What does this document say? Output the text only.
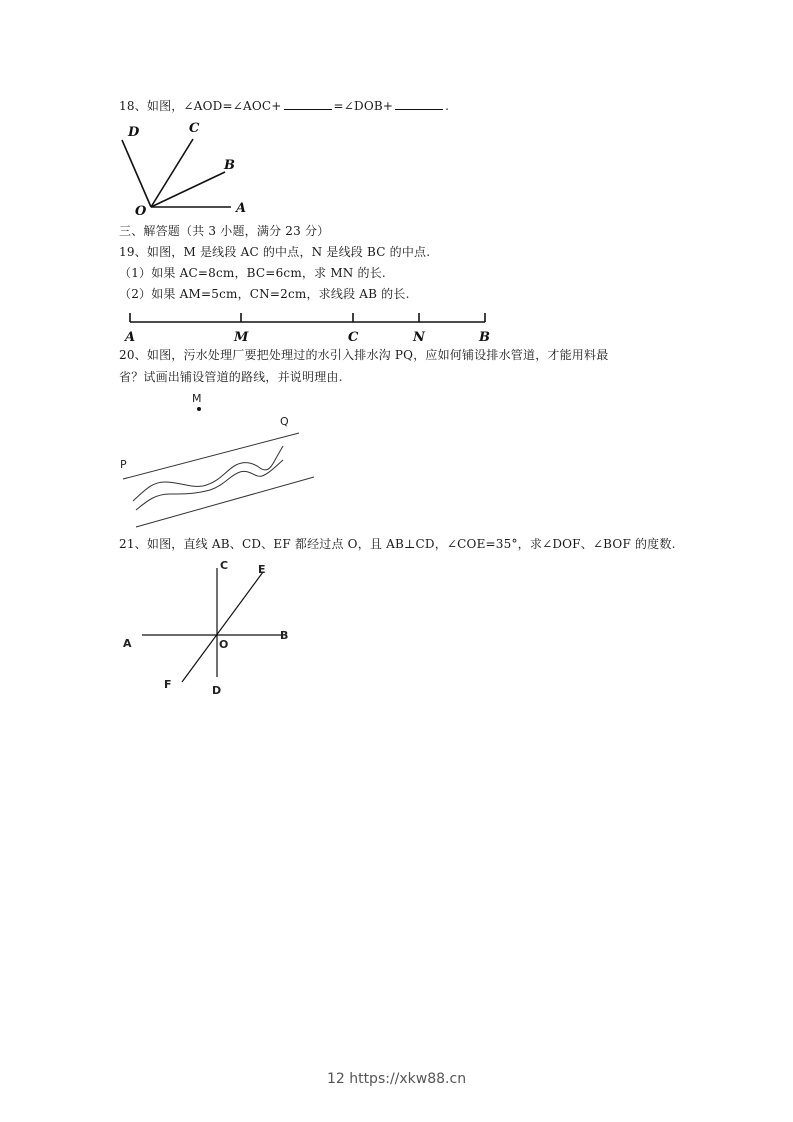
18、如图，∠AOD=∠AOC+	=∠DOB+	.
D	C
B
A
O
A	M	C	N	B
M
Q
P
C	E
A
B
O
F	D
三、解答题（共 3 小题，满分 23 分）
19、如图，M 是线段 AC 的中点，N 是线段 BC 的中点.
（1）如果 AC=8cm，BC=6cm，求 MN 的长.
（2）如果 AM=5cm，CN=2cm，求线段 AB 的长.
20、如图，污水处理厂要把处理过的水引入排水沟 PQ，应如何铺设排水管道，才能用料最
省？试画出铺设管道的路线，并说明理由.
21、如图，直线 AB、CD、EF 都经过点 O，且 AB⊥CD，∠COE=35°，求∠DOF、∠BOF 的度数.
12 https://xkw88.cn
